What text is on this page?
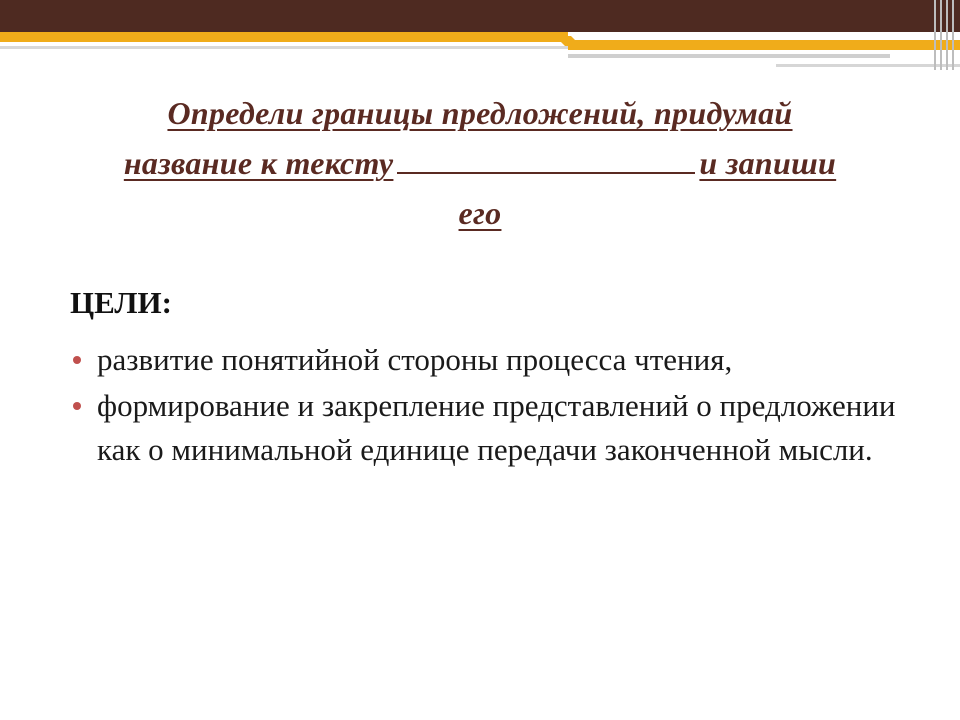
Определи границы предложений, придумай
название к тексту	и запиши
его
ЦЕЛИ:
развитие понятийной стороны процесса чтения,
формирование и закрепление представлений о предложении как о минимальной единице передачи законченной мысли.
